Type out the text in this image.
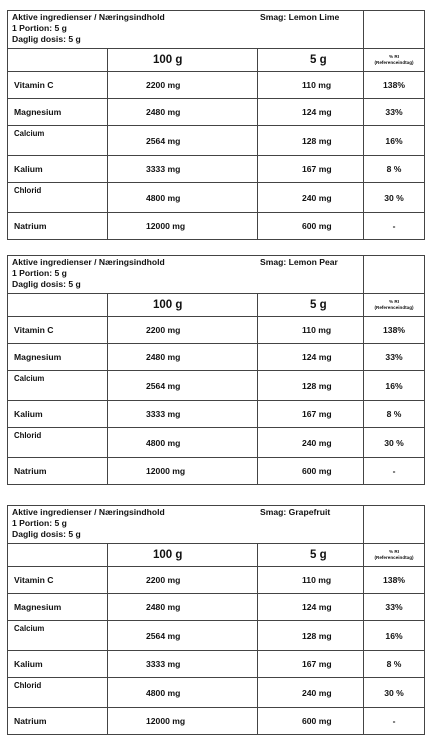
Aktive ingredienser / Næringsindhold
1 Portion: 5 g
Daglig dosis: 5 g
Smag: Lemon Lime			

	100 g	5 g	% RI
(Referenceindtag)

Vitamin C	2200 mg	110 mg	138%
Magnesium	2480 mg	124 mg	33%
Calcium	2564 mg	128 mg	16%
Kalium	3333 mg	167 mg	8 %
Chlorid	4800 mg	240 mg	30 %
Natrium	12000 mg	600 mg	-
Aktive ingredienser / Næringsindhold
1 Portion: 5 g
Daglig dosis: 5 g
Smag: Lemon Pear			

	100 g	5 g	% RI
(Referenceindtag)

Vitamin C	2200 mg	110 mg	138%
Magnesium	2480 mg	124 mg	33%
Calcium	2564 mg	128 mg	16%
Kalium	3333 mg	167 mg	8 %
Chlorid	4800 mg	240 mg	30 %
Natrium	12000 mg	600 mg	-
Aktive ingredienser / Næringsindhold
1 Portion: 5 g
Daglig dosis: 5 g
Smag: Grapefruit			

	100 g	5 g	% RI
(Referenceindtag)

Vitamin C	2200 mg	110 mg	138%
Magnesium	2480 mg	124 mg	33%
Calcium	2564 mg	128 mg	16%
Kalium	3333 mg	167 mg	8 %
Chlorid	4800 mg	240 mg	30 %
Natrium	12000 mg	600 mg	-
